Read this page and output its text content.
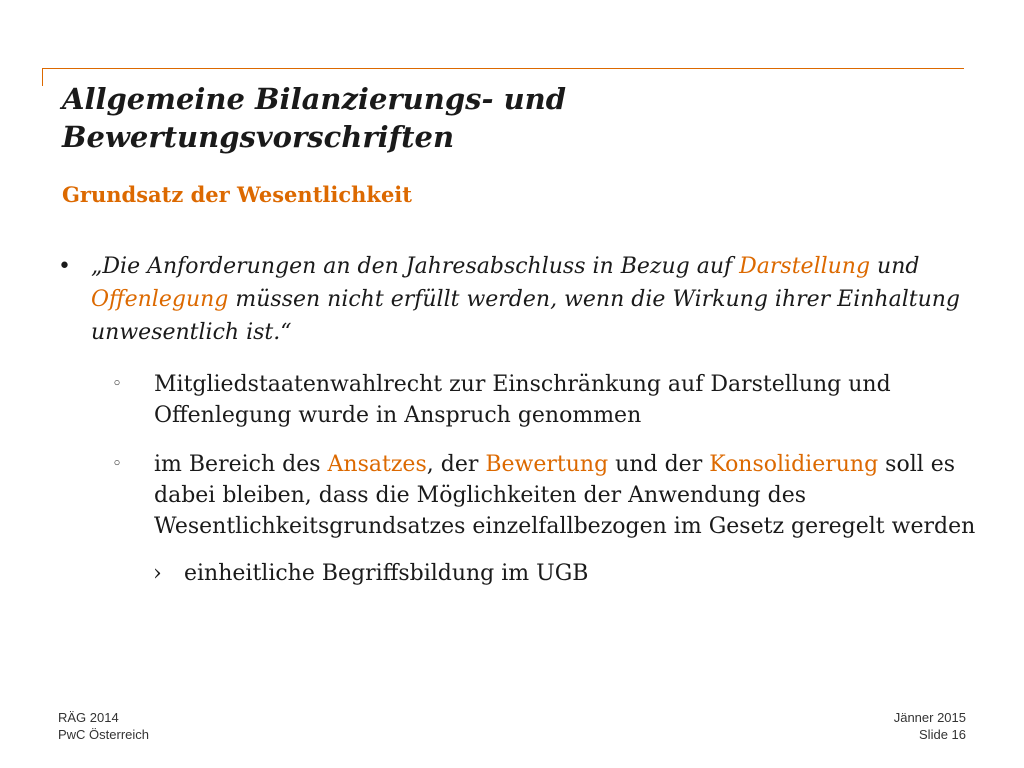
Allgemeine Bilanzierungs- und
Bewertungsvorschriften
Grundsatz der Wesentlichkeit
• „Die Anforderungen an den Jahresabschluss in Bezug auf Darstellung und Offenlegung müssen nicht erfüllt werden, wenn die Wirkung ihrer Einhaltung unwesentlich ist.“
◦ Mitgliedstaatenwahlrecht zur Einschränkung auf Darstellung und Offenlegung wurde in Anspruch genommen
◦ im Bereich des Ansatzes, der Bewertung und der Konsolidierung soll es dabei bleiben, dass die Möglichkeiten der Anwendung des Wesentlichkeitsgrundsatzes einzelfallbezogen im Gesetz geregelt werden
› einheitliche Begriffsbildung im UGB
RÄG 2014
PwC Österreich
Jänner 2015
Slide 16
